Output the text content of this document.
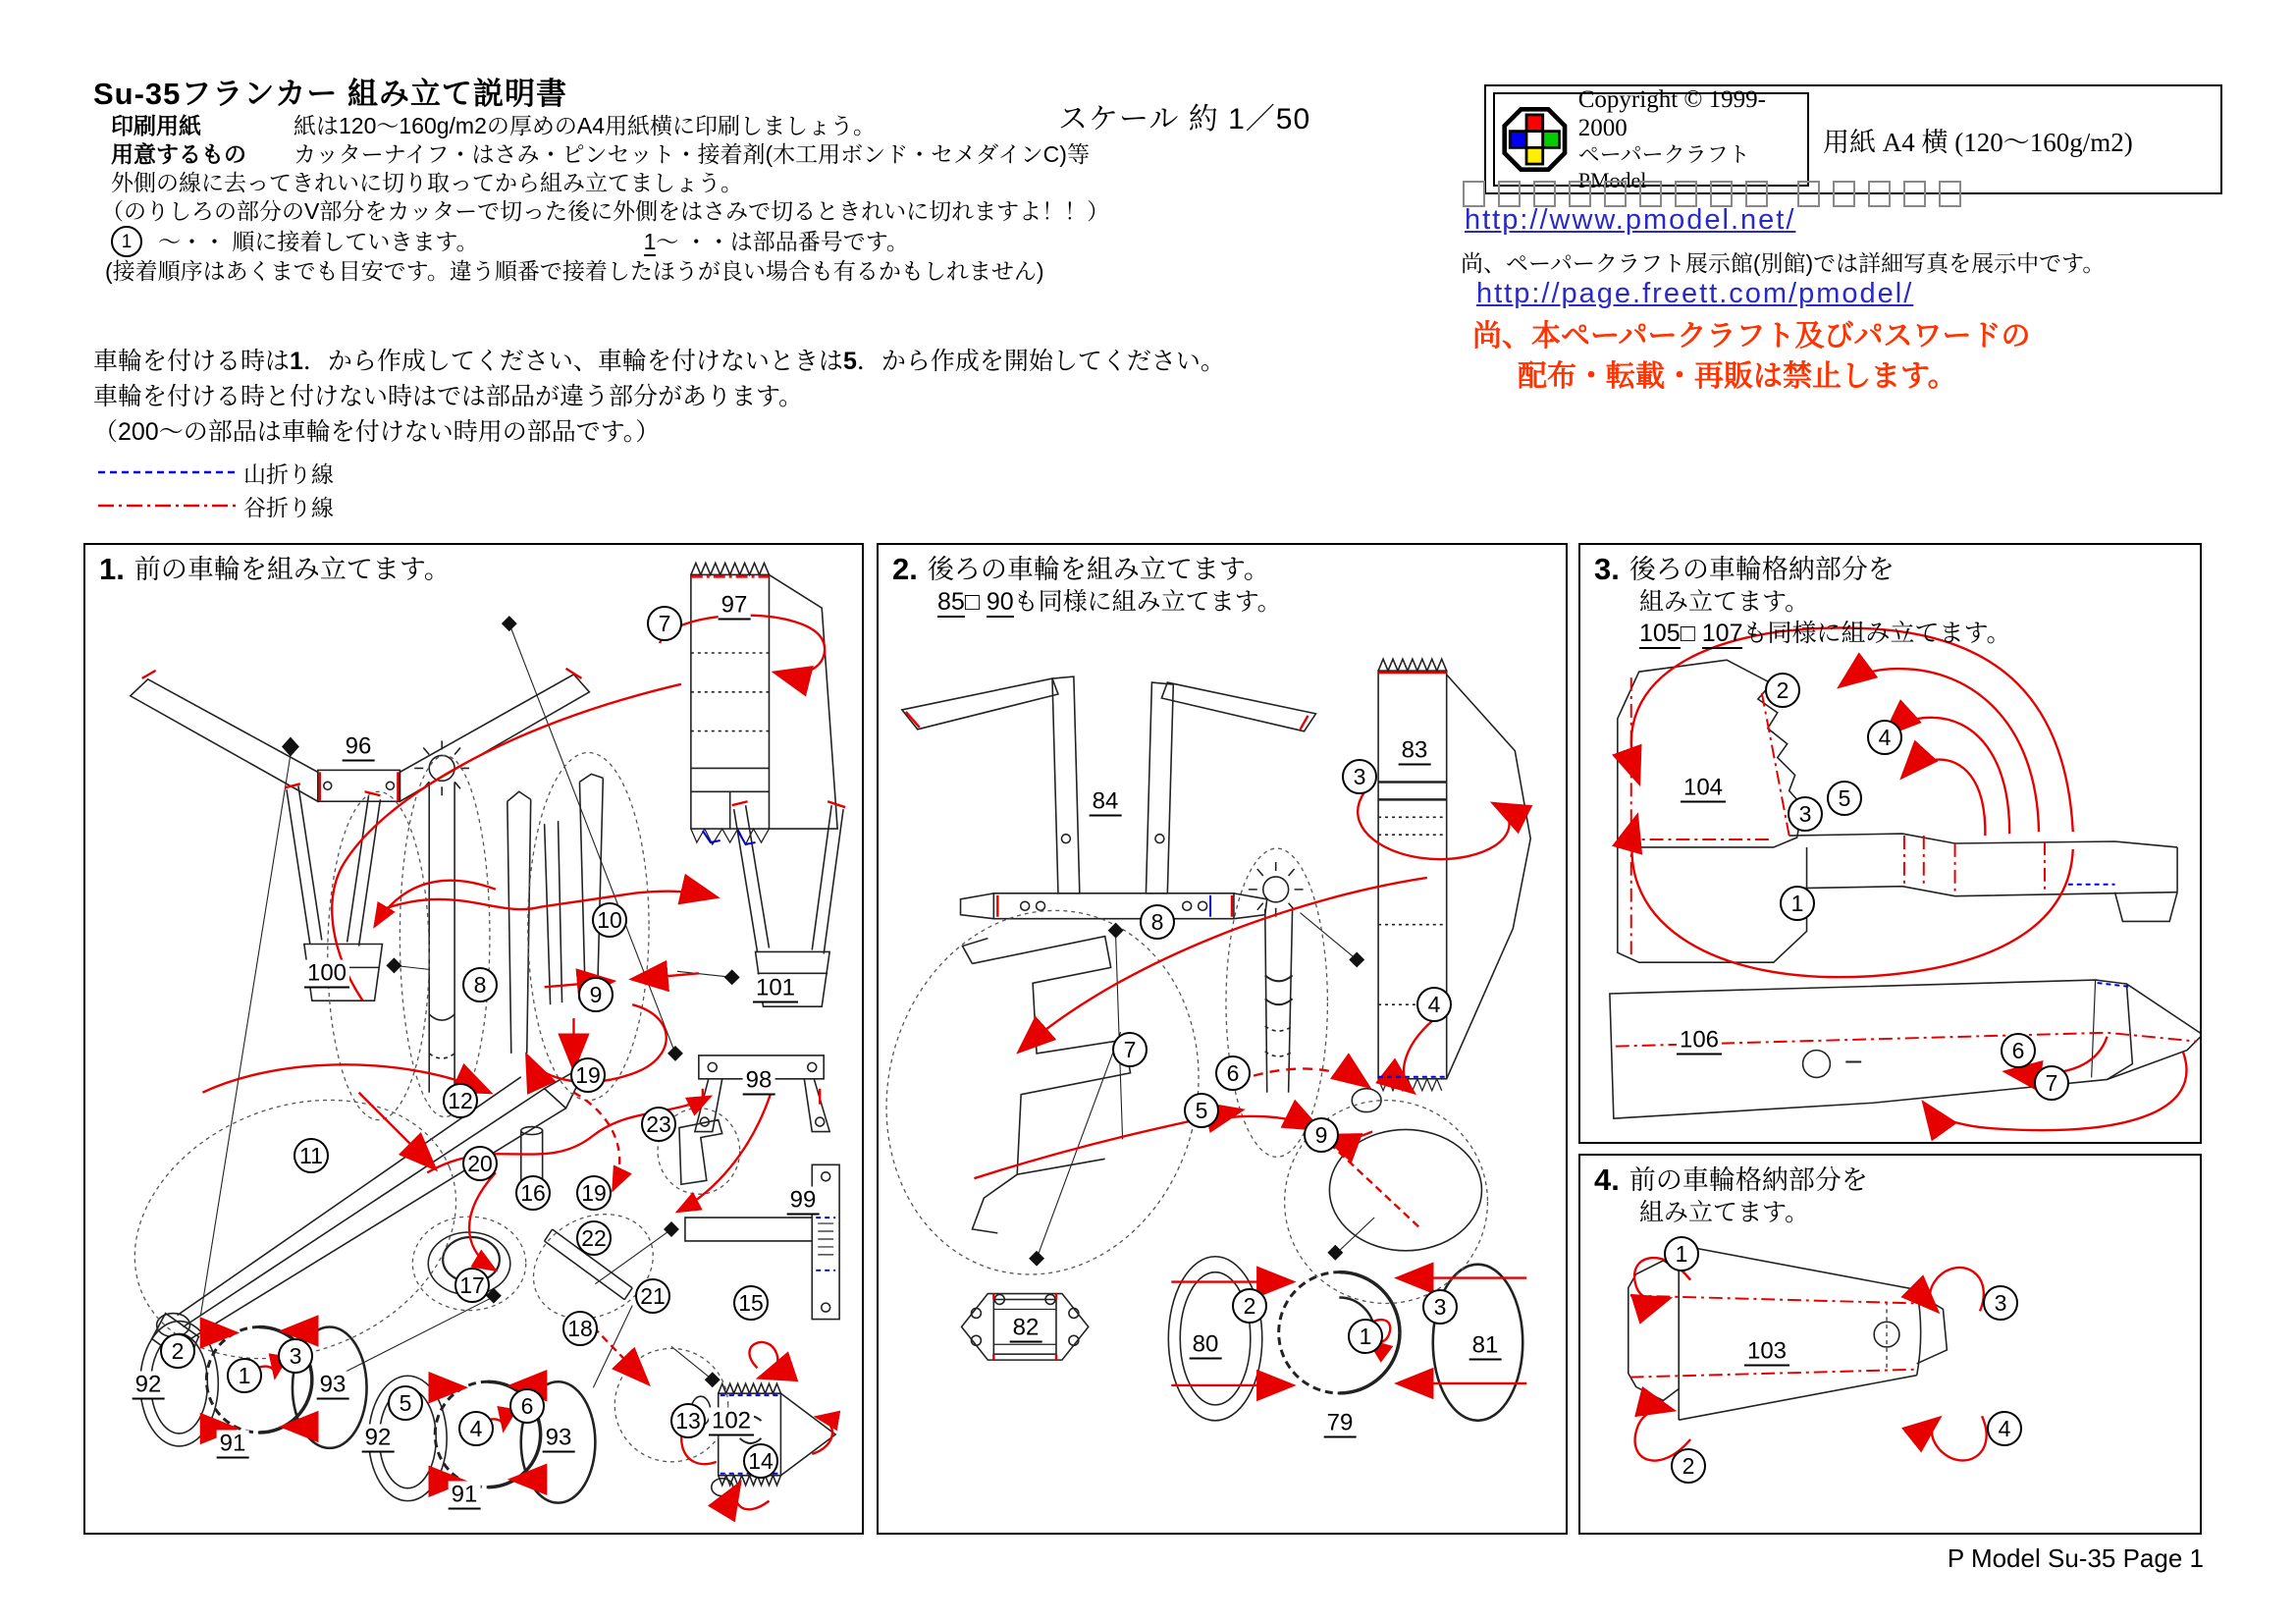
Su-35フランカー 組み立て説明書
印刷用紙	紙は120～160g/m2の厚めのA4用紙横に印刷しましょう。
用意するもの	カッターナイフ・はさみ・ピンセット・接着剤(木工用ボンド・セメダインC)等
外側の線に去ってきれいに切り取ってから組み立てましょう。
（のりしろの部分のV部分をカッターで切った後に外側をはさみで切るときれいに切れますよ！！）
1	～・・ 順に接着していきます。	1～ ・・は部品番号です。
(接着順序はあくまでも目安です。違う順番で接着したほうが良い場合も有るかもしれません)
スケール 約 1／50
Copyright © 1999-2000
ペーパークラフトPModel
用紙 A4 横 (120～160g/m2)
http://www.pmodel.net/
尚、ペーパークラフト展示館(別館)では詳細写真を展示中です。
http://page.freett.com/pmodel/
尚、本ペーパークラフト及びパスワードの
配布・転載・再販は禁止します。
車輪を付ける時は1．から作成してください、車輪を付けないときは5．から作成を開始してください。
車輪を付ける時と付けない時はでは部品が違う部分があります。
（200～の部品は車輪を付けない時用の部品です。）
山折り線
谷折り線
96
97
100
101
98
99
92
91
93
92
91
93
102
7
10
8	9
11
12
19
23
20
16 19
22
17	21
18
15
13
14
2
1
3
5
4
6
1. 前の車輪を組み立てます。
84
83
82
80
79
81
3
4
8
7
6
5
9
2
1
3
2. 後ろの車輪を組み立てます。
85□ 90も同様に組み立てます。
104
106
2
4
5
3
1
6
7
3. 後ろの車輪格納部分を
組み立てます。
105□ 107も同様に組み立てます。
103
1
2
3
4
4. 前の車輪格納部分を
組み立てます。
P Model Su-35 Page 1
